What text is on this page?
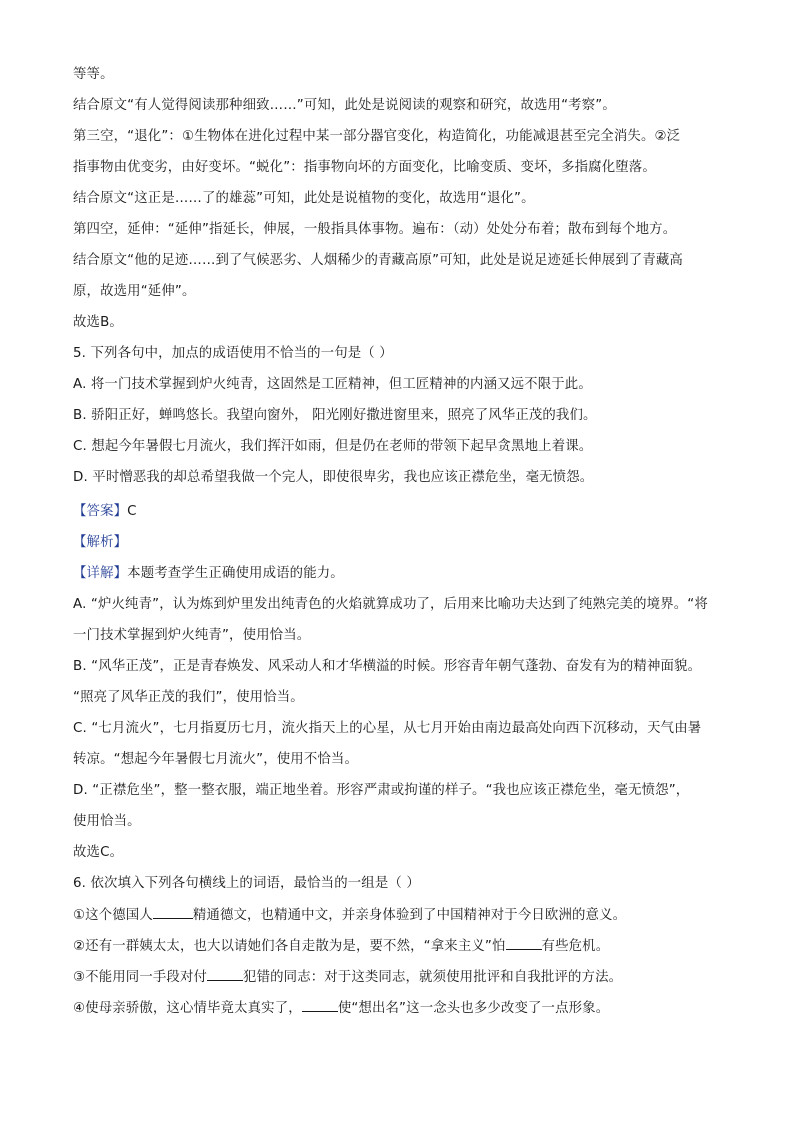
等等。
结合原文“有人觉得阅读那种细致……”可知，此处是说阅读的观察和研究，故选用“考察”。
第三空，“退化”：①生物体在进化过程中某一部分器官变化，构造简化，功能减退甚至完全消失。②泛
指事物由优变劣，由好变坏。“蜕化”：指事物向坏的方面变化，比喻变质、变坏，多指腐化堕落。
结合原文“这正是……了的雄蕊”可知，此处是说植物的变化，故选用“退化”。
第四空，延伸：“延伸”指延长，伸展，一般指具体事物。遍布：（动）处处分布着；散布到每个地方。
结合原文“他的足迹……到了气候恶劣、人烟稀少的青藏高原”可知，此处是说足迹延长伸展到了青藏高
原，故选用“延伸”。
故选B。
5. 下列各句中，加点的成语使用不恰当的一句是（ ）
A. 将一门技术掌握到炉火纯青，这固然是工匠精神，但工匠精神的内涵又远不限于此。
B. 骄阳正好，蝉鸣悠长。我望向窗外， 阳光刚好撒进窗里来，照亮了风华正茂的我们。
C. 想起今年暑假七月流火，我们挥汗如雨，但是仍在老师的带领下起早贪黑地上着课。
D. 平时憎恶我的却总希望我做一个完人，即使很卑劣，我也应该正襟危坐，毫无愤怨。
【答案】C
【解析】
【详解】本题考查学生正确使用成语的能力。
A. “炉火纯青”，认为炼到炉里发出纯青色的火焰就算成功了，后用来比喻功夫达到了纯熟完美的境界。“将
一门技术掌握到炉火纯青”，使用恰当。
B. “风华正茂”，正是青春焕发、风采动人和才华横溢的时候。形容青年朝气蓬勃、奋发有为的精神面貌。
“照亮了风华正茂的我们”，使用恰当。
C. “七月流火”，七月指夏历七月，流火指天上的心星，从七月开始由南边最高处向西下沉移动，天气由暑
转凉。“想起今年暑假七月流火”，使用不恰当。
D. “正襟危坐”，整一整衣服，端正地坐着。形容严肃或拘谨的样子。“我也应该正襟危坐，毫无愤怨”，
使用恰当。
故选C。
6. 依次填入下列各句横线上的词语，最恰当的一组是（ ）
①这个德国人	精通德文，也精通中文，并亲身体验到了中国精神对于今日欧洲的意义。
②还有一群姨太太，也大以请她们各自走散为是，要不然，“拿来主义”怕	有些危机。
③不能用同一手段对付	犯错的同志：对于这类同志，就须使用批评和自我批评的方法。
④使母亲骄傲，这心情毕竟太真实了，	使“想出名”这一念头也多少改变了一点形象。
